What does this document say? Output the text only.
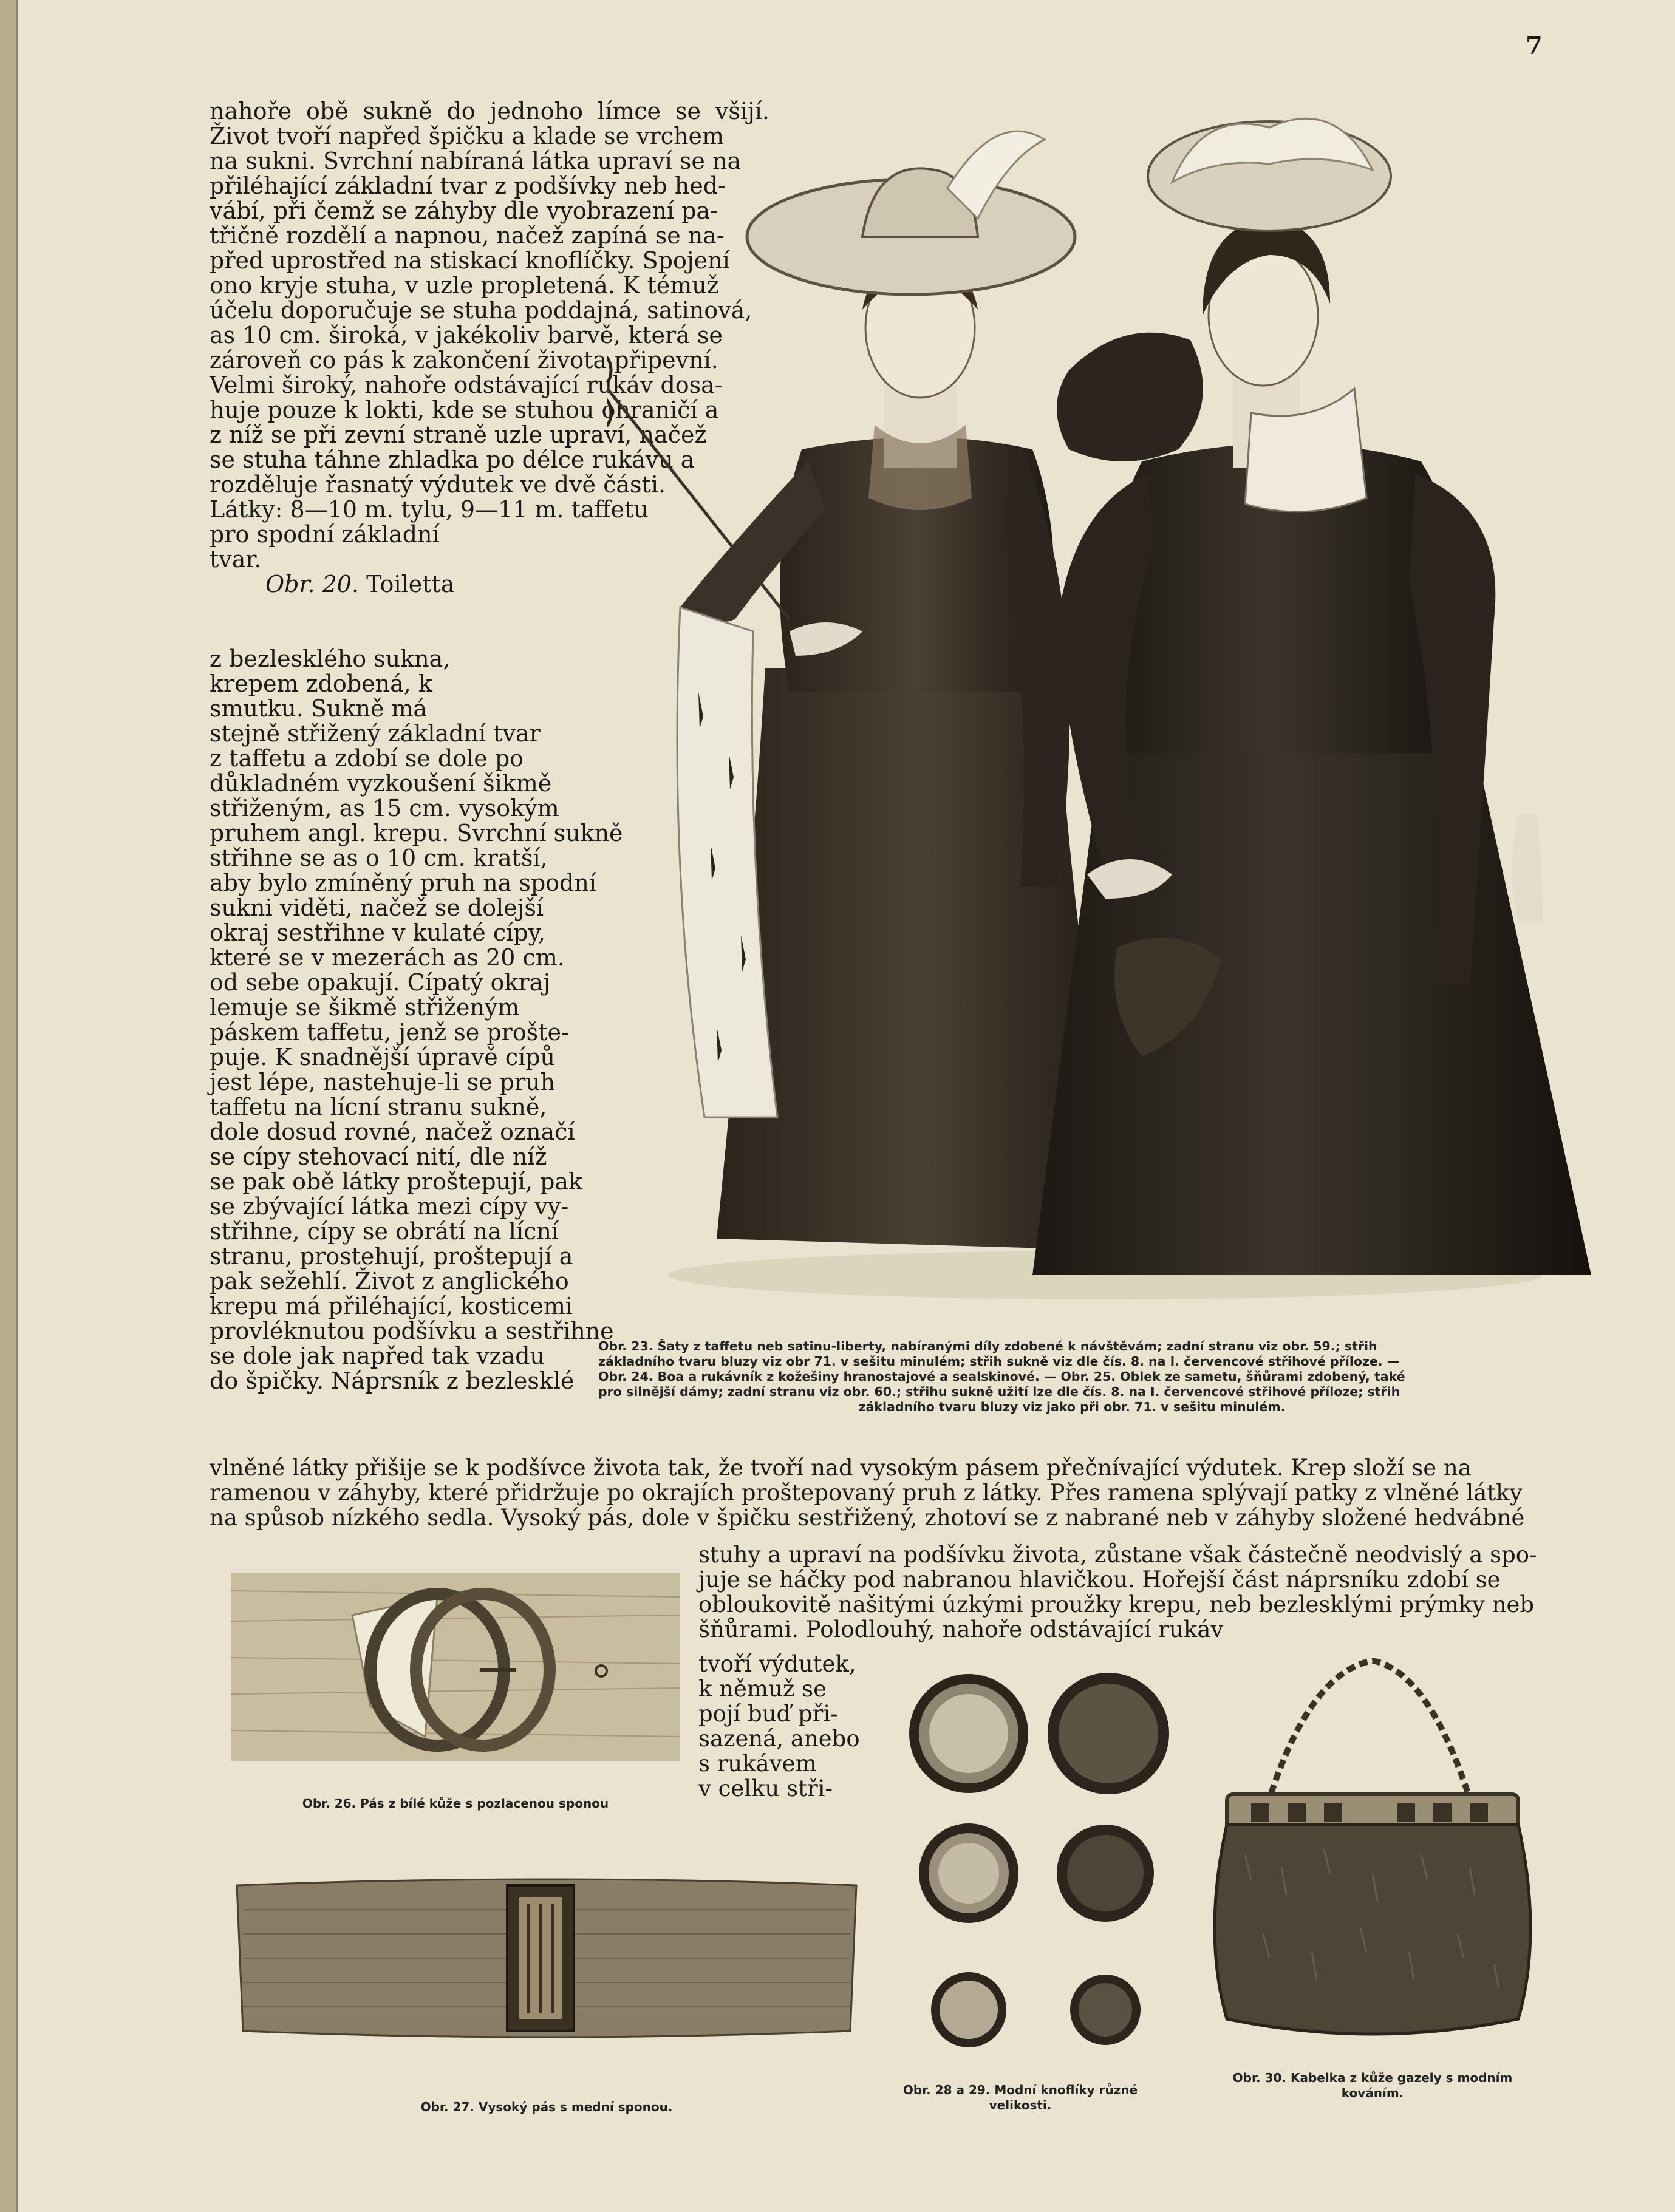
7
nahoře obě sukně do jednoho límce se všijí.
Život tvoří napřed špičku a klade se vrchem
na sukni. Svrchní nabíraná látka upraví se na
přiléhající základní tvar z podšívky neb hed-
vábí, při čemž se záhyby dle vyobrazení pa-
třičně rozdělí a napnou, načež zapíná se na-
před uprostřed na stiskací knoflíčky. Spojení
ono kryje stuha, v uzle propletená. K témuž
účelu doporučuje se stuha poddajná, satinová,
as 10 cm. široká, v jakékoliv barvě, která se
zároveň co pás k zakončení života připevní.
Velmi široký, nahoře odstávající rukáv dosa-
huje pouze k lokti, kde se stuhou ohraničí a
z níž se při zevní straně uzle upraví, načež
se stuha táhne zhladka po délce rukávu a
rozděluje řasnatý výdutek ve dvě části.
Látky: 8—10 m. tylu, 9—11 m. taffetu
pro spodní základní
tvar.
Obr. 20. Toiletta
z bezlesklého sukna,
krepem zdobená, k
smutku. Sukně má
stejně střižený základní tvar
z taffetu a zdobí se dole po
důkladném vyzkoušení šikmě
střiženým, as 15 cm. vysokým
pruhem angl. krepu. Svrchní sukně
střihne se as o 10 cm. kratší,
aby bylo zmíněný pruh na spodní
sukni viděti, načež se dolejší
okraj sestřihne v kulaté cípy,
které se v mezerách as 20 cm.
od sebe opakují. Cípatý okraj
lemuje se šikmě střiženým
páskem taffetu, jenž se prošte-
puje. K snadnější úpravě cípů
jest lépe, nastehuje-li se pruh
taffetu na lícní stranu sukně,
dole dosud rovné, načež označí
se cípy stehovací nití, dle níž
se pak obě látky proštepují, pak
se zbývající látka mezi cípy vy-
střihne, cípy se obrátí na lícní
stranu, prostehují, proštepují a
pak sežehlí. Život z anglického
krepu má přiléhající, kosticemi
provléknutou podšívku a sestřihne
se dole jak napřed tak vzadu
do špičky. Náprsník z bezlesklé
vlněné látky přišije se k podšívce života tak, že tvoří nad vysokým pásem přečnívající výdutek. Krep složí se na
ramenou v záhyby, které přidržuje po okrajích proštepovaný pruh z látky. Přes ramena splývají patky z vlněné látky
na spůsob nízkého sedla. Vysoký pás, dole v špičku sestřižený, zhotoví se z nabrané neb v záhyby složené hedvábné
stuhy a upraví na podšívku života, zůstane však částečně neodvislý a spo-
juje se háčky pod nabranou hlavičkou. Hořejší část náprsníku zdobí se
obloukovitě našitými úzkými proužky krepu, neb bezlesklými prýmky neb
šňůrami. Polodlouhý, nahoře odstávající rukáv
tvoří výdutek,
k němuž se
pojí buď při-
sazená, anebo
s rukávem
v celku stři-
Obr. 23. Šaty z taffetu neb satinu-liberty, nabíranými díly zdobené k návštěvám; zadní stranu viz obr. 59.; střih
základního tvaru bluzy viz obr 71. v sešitu minulém; střih sukně viz dle čís. 8. na I. červencové střihové příloze. —
Obr. 24. Boa a rukávník z kožešiny hranostajové a sealskinové. — Obr. 25. Oblek ze sametu, šňůrami zdobený, také
pro silnější dámy; zadní stranu viz obr. 60.; střihu sukně užití lze dle čís. 8. na I. červencové střihové příloze; střih
základního tvaru bluzy viz jako při obr. 71. v sešitu minulém.
Obr. 26. Pás z bílé kůže s pozlacenou sponou
Obr. 27. Vysoký pás s mední sponou.
Obr. 28 a 29. Modní knoflíky různé
velikosti.
Obr. 30. Kabelka z kůže gazely s modním
kováním.
